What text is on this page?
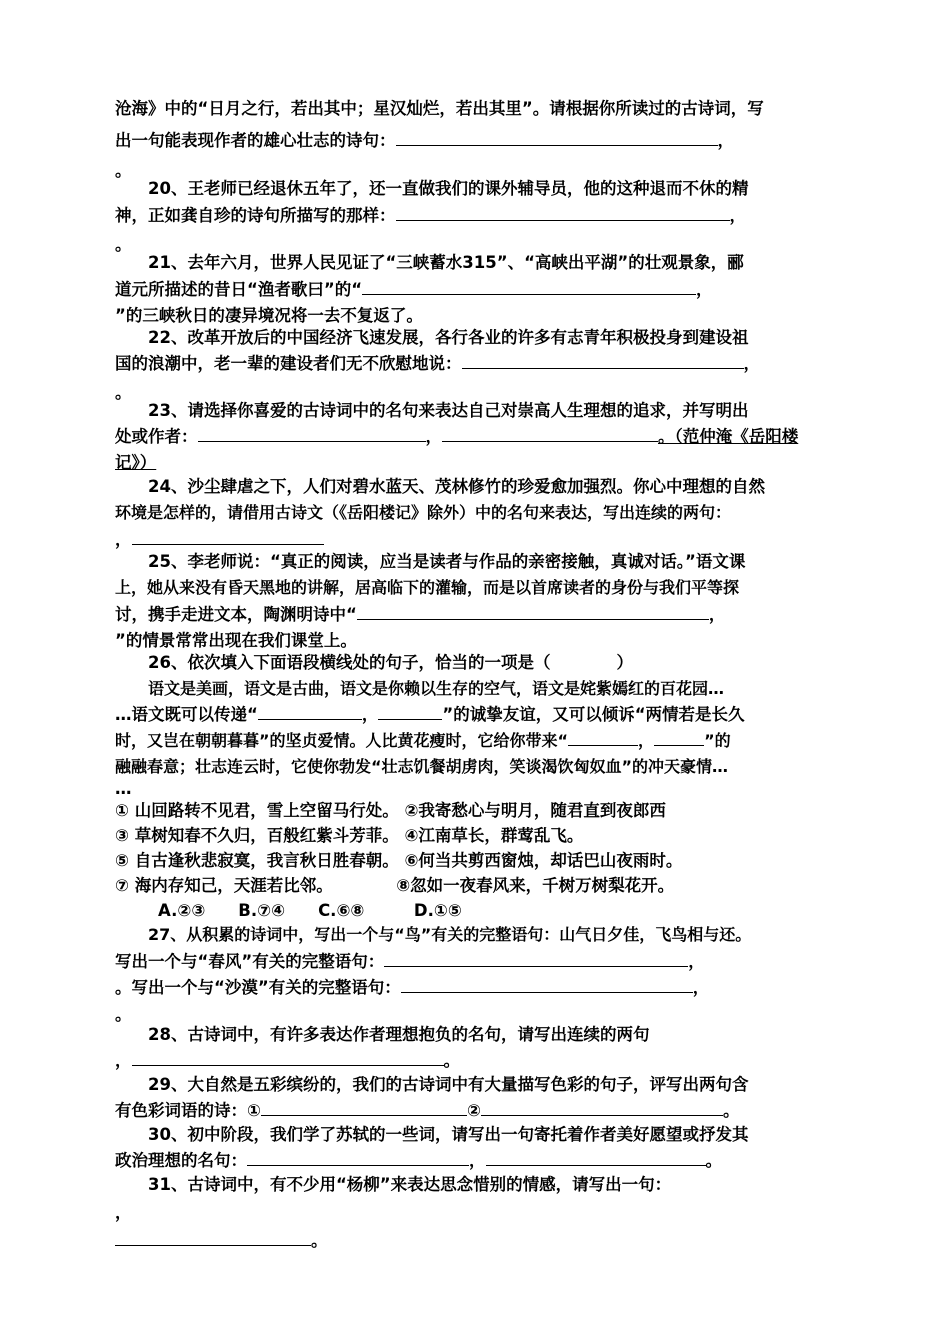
沧海》中的“日月之行，若出其中；星汉灿烂，若出其里”。请根据你所读过的古诗词，写
出一句能表现作者的雄心壮志的诗句：	，
。
20、王老师已经退休五年了，还一直做我们的课外辅导员，他的这种退而不休的精
神，正如龚自珍的诗句所描写的那样：	，
。
21、去年六月，世界人民见证了“三峡蓄水315”、“高峡出平湖”的壮观景象，郦
道元所描述的昔日“渔者歌曰”的“	，
”的三峡秋日的凄异境况将一去不复返了。
22、改革开放后的中国经济飞速发展，各行各业的许多有志青年积极投身到建设祖
国的浪潮中，老一辈的建设者们无不欣慰地说：	，
。
23、请选择你喜爱的古诗词中的名句来表达自己对崇高人生理想的追求，并写明出
处或作者：	，	。（范仲淹《岳阳楼
记》）
24、沙尘肆虐之下，人们对碧水蓝天、茂林修竹的珍爱愈加强烈。你心中理想的自然
环境是怎样的，请借用古诗文（《岳阳楼记》除外）中的名句来表达，写出连续的两句：
，
25、李老师说：“真正的阅读，应当是读者与作品的亲密接触，真诚对话。”语文课
上，她从来没有昏天黑地的讲解，居高临下的灌输，而是以首席读者的身份与我们平等探
讨，携手走进文本，陶渊明诗中“	，
”的情景常常出现在我们课堂上。
26、依次填入下面语段横线处的句子，恰当的一项是（　　　　）
语文是美画，语文是古曲，语文是你赖以生存的空气，语文是姹紫嫣红的百花园…
…语文既可以传递“	，	”的诚挚友谊，又可以倾诉“两情若是长久
时，又岂在朝朝暮暮”的坚贞爱情。人比黄花瘦时，它给你带来“	，	”的
融融春意；壮志连云时，它使你勃发“壮志饥餐胡虏肉，笑谈渴饮匈奴血”的冲天豪情…
…
① 山回路转不见君，雪上空留马行处。 ②我寄愁心与明月，随君直到夜郎西
③ 草树知春不久归，百般红紫斗芳菲。 ④江南草长，群莺乱飞。
⑤ 自古逢秋悲寂寞，我言秋日胜春朝。 ⑥何当共剪西窗烛，却话巴山夜雨时。
⑦ 海内存知己，天涯若比邻。　　　　 ⑧忽如一夜春风来，千树万树梨花开。
A.②③　　B.⑦④　　C.⑥⑧　　　D.①⑤
27、从积累的诗词中，写出一个与“鸟”有关的完整语句：山气日夕佳，飞鸟相与还。
写出一个与“春风”有关的完整语句：	，
。写出一个与“沙漠”有关的完整语句：	，
。
28、古诗词中，有许多表达作者理想抱负的名句，请写出连续的两句
，	。
29、大自然是五彩缤纷的，我们的古诗词中有大量描写色彩的句子，评写出两句含
有色彩词语的诗：①	②	。
30、初中阶段，我们学了苏轼的一些词，请写出一句寄托着作者美好愿望或抒发其
政治理想的名句：	，	。
31、古诗词中，有不少用“杨柳”来表达思念惜别的情感，请写出一句：
，
。
